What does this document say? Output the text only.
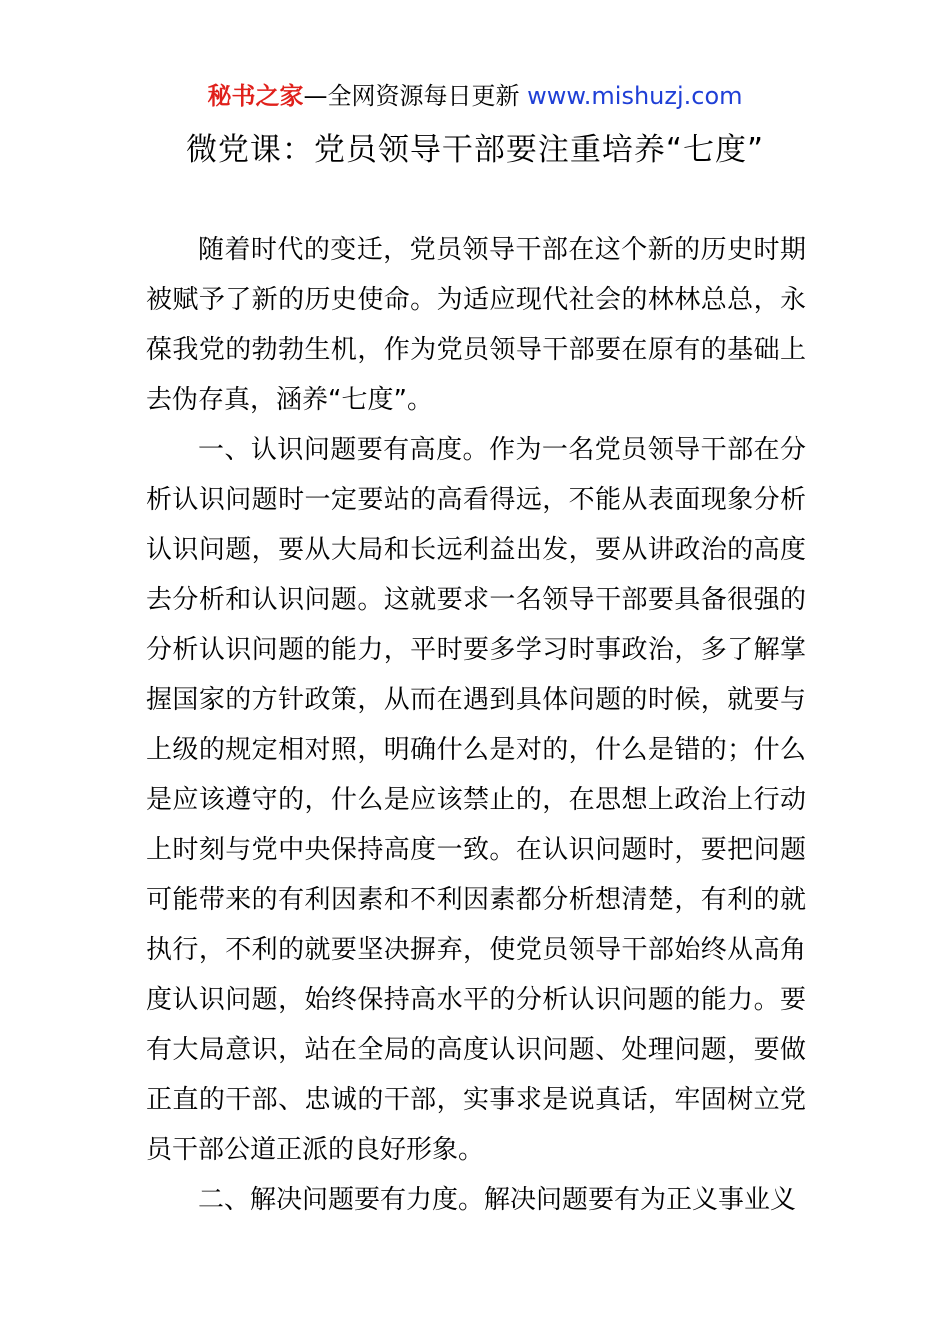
秘书之家—全网资源每日更新 www.mishuzj.com
微党课：党员领导干部要注重培养“七度”

随着时代的变迁，党员领导干部在这个新的历史时期被赋予了新的历史使命。为适应现代社会的林林总总，永葆我党的勃勃生机，作为党员领导干部要在原有的基础上去伪存真，涵养“七度”。

一、认识问题要有高度。作为一名党员领导干部在分析认识问题时一定要站的高看得远，不能从表面现象分析认识问题，要从大局和长远利益出发，要从讲政治的高度去分析和认识问题。这就要求一名领导干部要具备很强的分析认识问题的能力，平时要多学习时事政治，多了解掌握国家的方针政策，从而在遇到具体问题的时候，就要与上级的规定相对照，明确什么是对的，什么是错的；什么是应该遵守的，什么是应该禁止的，在思想上政治上行动上时刻与党中央保持高度一致。在认识问题时，要把问题可能带来的有利因素和不利因素都分析想清楚，有利的就执行，不利的就要坚决摒弃，使党员领导干部始终从高角度认识问题，始终保持高水平的分析认识问题的能力。要有大局意识，站在全局的高度认识问题、处理问题，要做正直的干部、忠诚的干部，实事求是说真话，牢固树立党员干部公道正派的良好形象。

二、解决问题要有力度。解决问题要有为正义事业义
